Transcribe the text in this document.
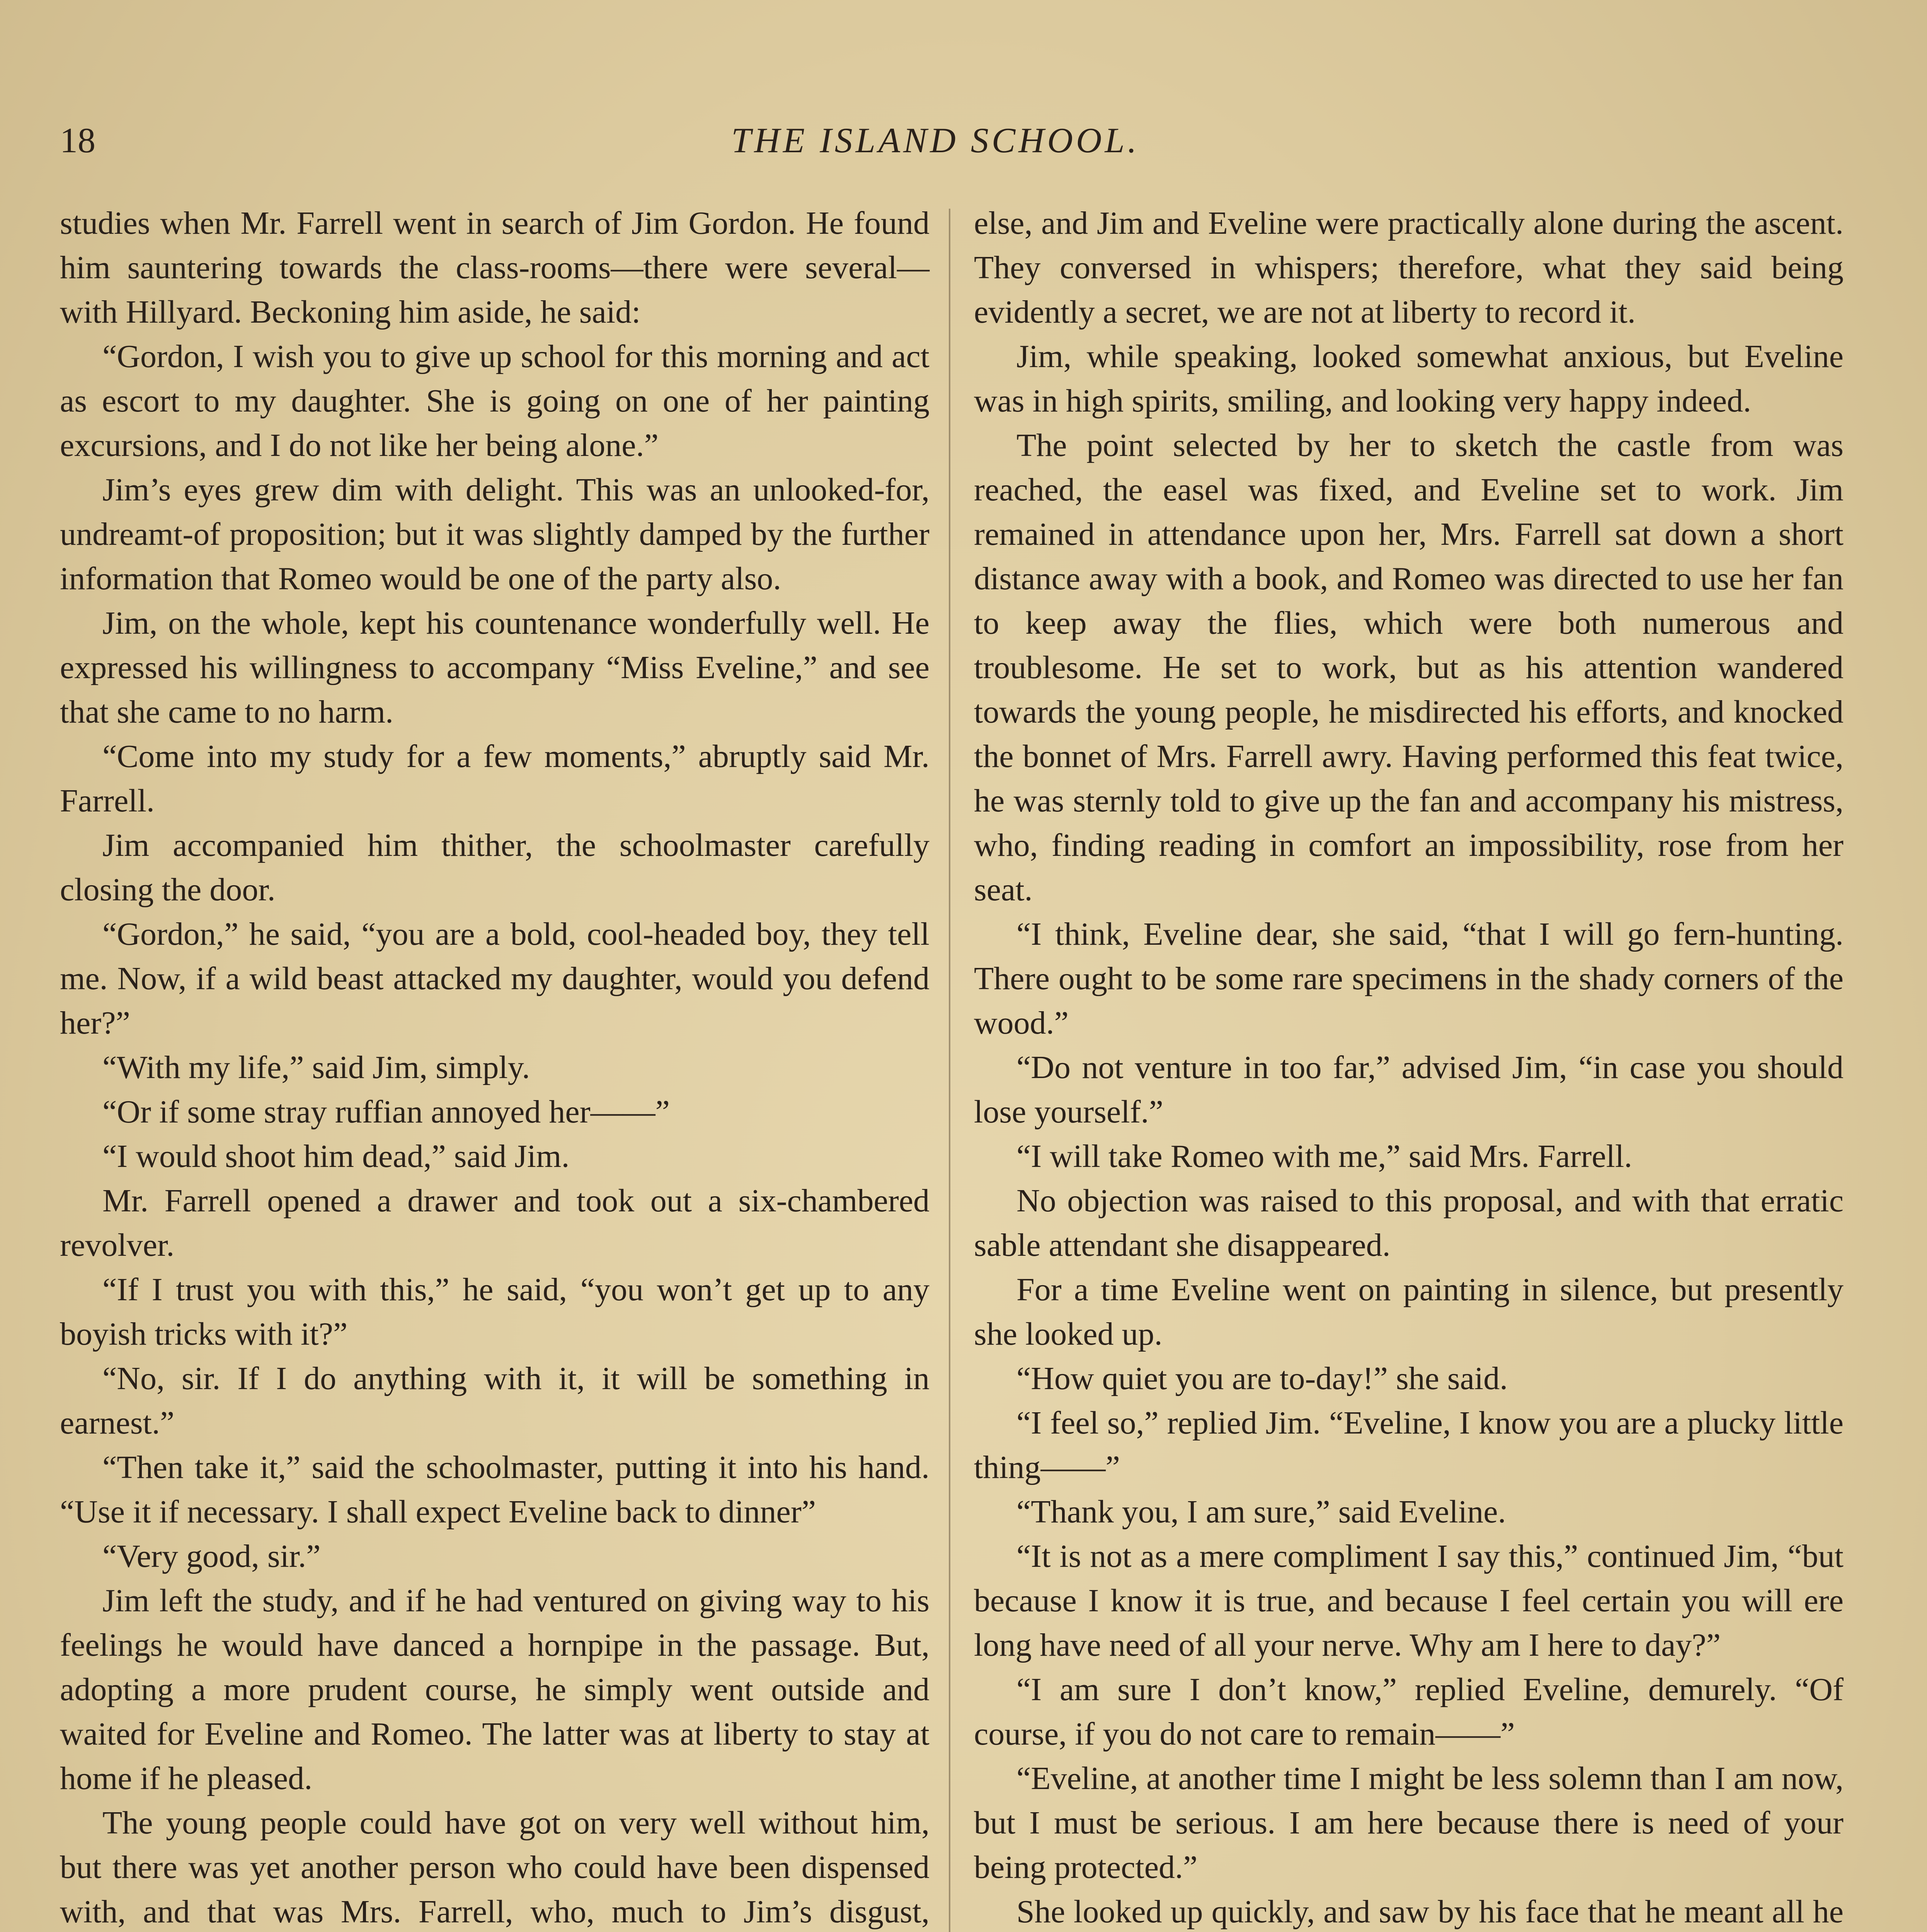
18	THE ISLAND SCHOOL.

studies when Mr. Farrell went in search of Jim Gordon. He found him sauntering towards the class-rooms—there were several—with Hillyard. Beckoning him aside, he said:

“Gordon, I wish you to give up school for this morning and act as escort to my daughter. She is going on one of her painting excursions, and I do not like her being alone.”

Jim’s eyes grew dim with delight. This was an unlooked-for, undreamt-of proposition; but it was slightly damped by the further information that Romeo would be one of the party also.

Jim, on the whole, kept his countenance wonderfully well. He expressed his willingness to accompany “Miss Eveline,” and see that she came to no harm.

“Come into my study for a few moments,” abruptly said Mr. Farrell.

Jim accompanied him thither, the schoolmaster carefully closing the door.

“Gordon,” he said, “you are a bold, cool-headed boy, they tell me. Now, if a wild beast attacked my daughter, would you defend her?”

“With my life,” said Jim, simply.

“Or if some stray ruffian annoyed her——”

“I would shoot him dead,” said Jim.

Mr. Farrell opened a drawer and took out a six-chambered revolver.

“If I trust you with this,” he said, “you won’t get up to any boyish tricks with it?”

“No, sir. If I do anything with it, it will be something in earnest.”

“Then take it,” said the schoolmaster, putting it into his hand. “Use it if necessary. I shall expect Eveline back to dinner”

“Very good, sir.”

Jim left the study, and if he had ventured on giving way to his feelings he would have danced a hornpipe in the passage. But, adopting a more prudent course, he simply went outside and waited for Eveline and Romeo. The latter was at liberty to stay at home if he pleased.

The young people could have got on very well without him, but there was yet another person who could have been dispensed with, and that was Mrs. Farrell, who, much to Jim’s disgust,

else, and Jim and Eveline were practically alone during the ascent. They conversed in whispers; therefore, what they said being evidently a secret, we are not at liberty to record it.

Jim, while speaking, looked somewhat anxious, but Eveline was in high spirits, smiling, and looking very happy indeed.

The point selected by her to sketch the castle from was reached, the easel was fixed, and Eveline set to work. Jim remained in attendance upon her, Mrs. Farrell sat down a short distance away with a book, and Romeo was directed to use her fan to keep away the flies, which were both numerous and troublesome. He set to work, but as his attention wandered towards the young people, he misdirected his efforts, and knocked the bonnet of Mrs. Farrell awry. Having performed this feat twice, he was sternly told to give up the fan and accompany his mistress, who, finding reading in comfort an impossibility, rose from her seat.

“I think, Eveline dear, she said, “that I will go fern-hunting. There ought to be some rare specimens in the shady corners of the wood.”

“Do not venture in too far,” advised Jim, “in case you should lose yourself.”

“I will take Romeo with me,” said Mrs. Farrell.

No objection was raised to this proposal, and with that erratic sable attendant she disappeared.

For a time Eveline went on painting in silence, but presently she looked up.

“How quiet you are to-day!” she said.

“I feel so,” replied Jim. “Eveline, I know you are a plucky little thing——”

“Thank you, I am sure,” said Eveline.

“It is not as a mere compliment I say this,” continued Jim, “but because I know it is true, and because I feel certain you will ere long have need of all your nerve. Why am I here to day?”

“I am sure I don’t know,” replied Eveline, demurely. “Of course, if you do not care to remain——”

“Eveline, at another time I might be less solemn than I am now, but I must be serious. I am here because there is need of your being protected.”

She looked up quickly, and saw by his face that he meant all he
